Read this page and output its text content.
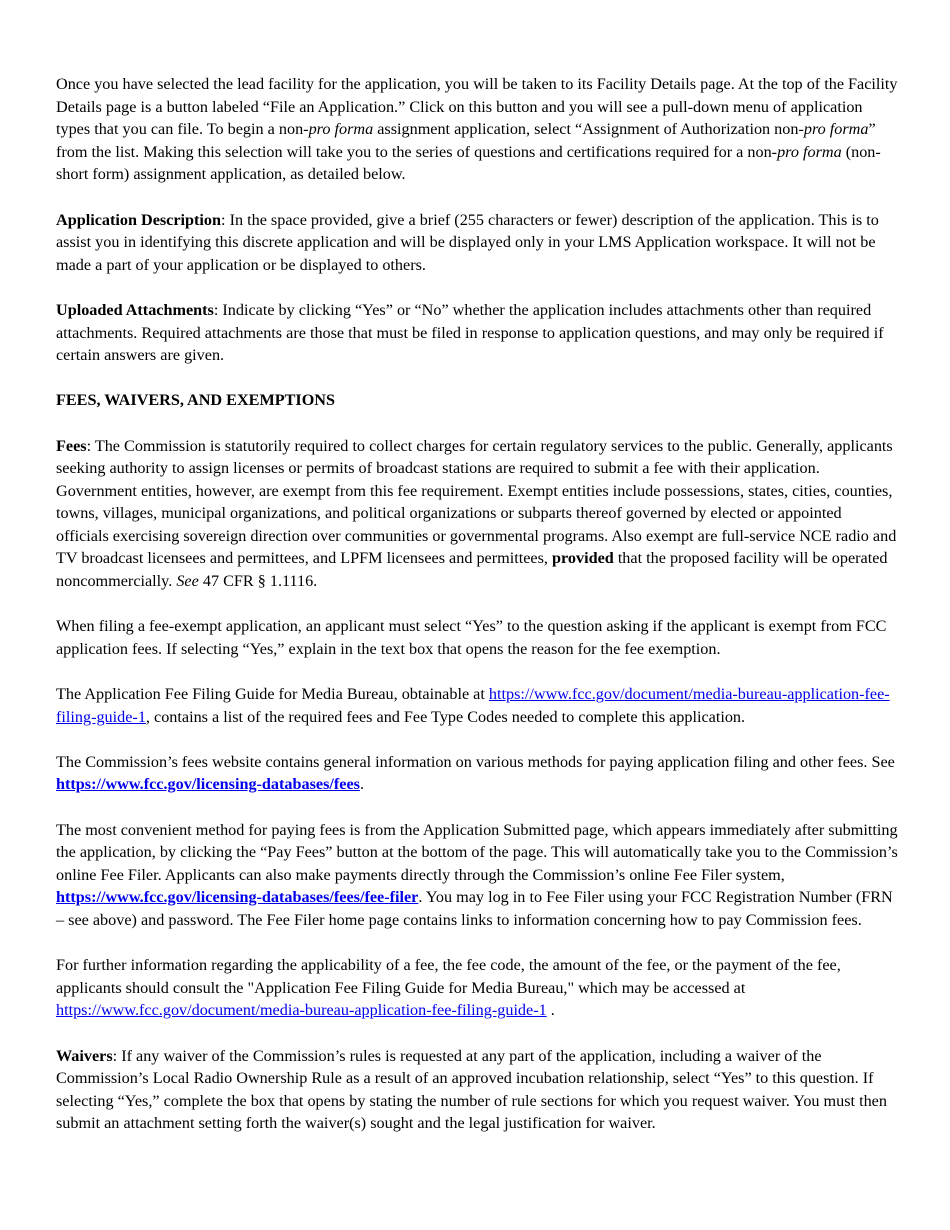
Once you have selected the lead facility for the application, you will be taken to its Facility Details page. At the top of the Facility Details page is a button labeled “File an Application.” Click on this button and you will see a pull-down menu of application types that you can file. To begin a non-pro forma assignment application, select “Assignment of Authorization non-pro forma” from the list. Making this selection will take you to the series of questions and certifications required for a non-pro forma (non-short form) assignment application, as detailed below.

Application Description: In the space provided, give a brief (255 characters or fewer) description of the application. This is to assist you in identifying this discrete application and will be displayed only in your LMS Application workspace. It will not be made a part of your application or be displayed to others.

Uploaded Attachments: Indicate by clicking “Yes” or “No” whether the application includes attachments other than required attachments. Required attachments are those that must be filed in response to application questions, and may only be required if certain answers are given.

FEES, WAIVERS, AND EXEMPTIONS

Fees: The Commission is statutorily required to collect charges for certain regulatory services to the public. Generally, applicants seeking authority to assign licenses or permits of broadcast stations are required to submit a fee with their application. Government entities, however, are exempt from this fee requirement. Exempt entities include possessions, states, cities, counties, towns, villages, municipal organizations, and political organizations or subparts thereof governed by elected or appointed officials exercising sovereign direction over communities or governmental programs. Also exempt are full-service NCE radio and TV broadcast licensees and permittees, and LPFM licensees and permittees, provided that the proposed facility will be operated noncommercially. See 47 CFR § 1.1116.

When filing a fee-exempt application, an applicant must select “Yes” to the question asking if the applicant is exempt from FCC application fees. If selecting “Yes,” explain in the text box that opens the reason for the fee exemption.

The Application Fee Filing Guide for Media Bureau, obtainable at https://www.fcc.gov/document/media-bureau-application-fee-filing-guide-1, contains a list of the required fees and Fee Type Codes needed to complete this application.

The Commission’s fees website contains general information on various methods for paying application filing and other fees. See https://www.fcc.gov/licensing-databases/fees.

The most convenient method for paying fees is from the Application Submitted page, which appears immediately after submitting the application, by clicking the “Pay Fees” button at the bottom of the page. This will automatically take you to the Commission’s online Fee Filer. Applicants can also make payments directly through the Commission’s online Fee Filer system, https://www.fcc.gov/licensing-databases/fees/fee-filer. You may log in to Fee Filer using your FCC Registration Number (FRN – see above) and password. The Fee Filer home page contains links to information concerning how to pay Commission fees.

For further information regarding the applicability of a fee, the fee code, the amount of the fee, or the payment of the fee, applicants should consult the "Application Fee Filing Guide for Media Bureau," which may be accessed at https://www.fcc.gov/document/media-bureau-application-fee-filing-guide-1 .

Waivers: If any waiver of the Commission’s rules is requested at any part of the application, including a waiver of the Commission’s Local Radio Ownership Rule as a result of an approved incubation relationship, select “Yes” to this question. If selecting “Yes,” complete the box that opens by stating the number of rule sections for which you request waiver. You must then submit an attachment setting forth the waiver(s) sought and the legal justification for waiver.
